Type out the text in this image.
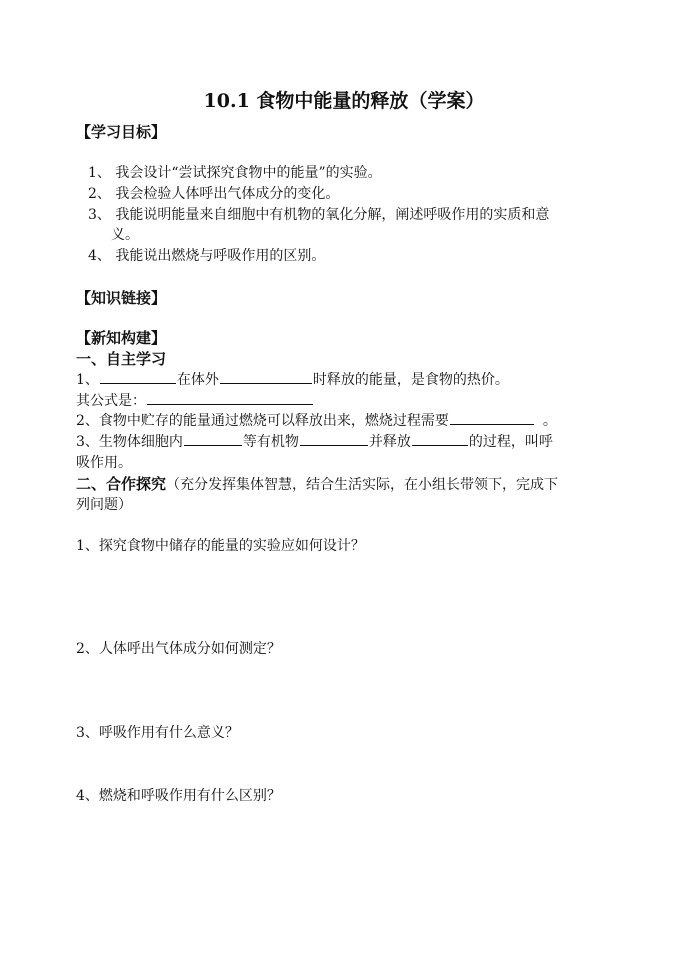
10.1 食物中能量的释放（学案）
【学习目标】
1、 我会设计“尝试探究食物中的能量”的实验。
2、 我会检验人体呼出气体成分的变化。
3、 我能说明能量来自细胞中有机物的氧化分解，阐述呼吸作用的实质和意
义。
4、 我能说出燃烧与呼吸作用的区别。
【知识链接】
【新知构建】
一、自主学习
1、	在体外	时释放的能量，是食物的热价。
其公式是：
2、食物中贮存的能量通过燃烧可以释放出来，燃烧过程需要	。
3、生物体细胞内	等有机物	并释放	的过程，叫呼
吸作用。
二、合作探究（充分发挥集体智慧，结合生活实际，在小组长带领下，完成下
列问题）
1、探究食物中储存的能量的实验应如何设计？
2、人体呼出气体成分如何测定？
3、呼吸作用有什么意义？
4、燃烧和呼吸作用有什么区别？
